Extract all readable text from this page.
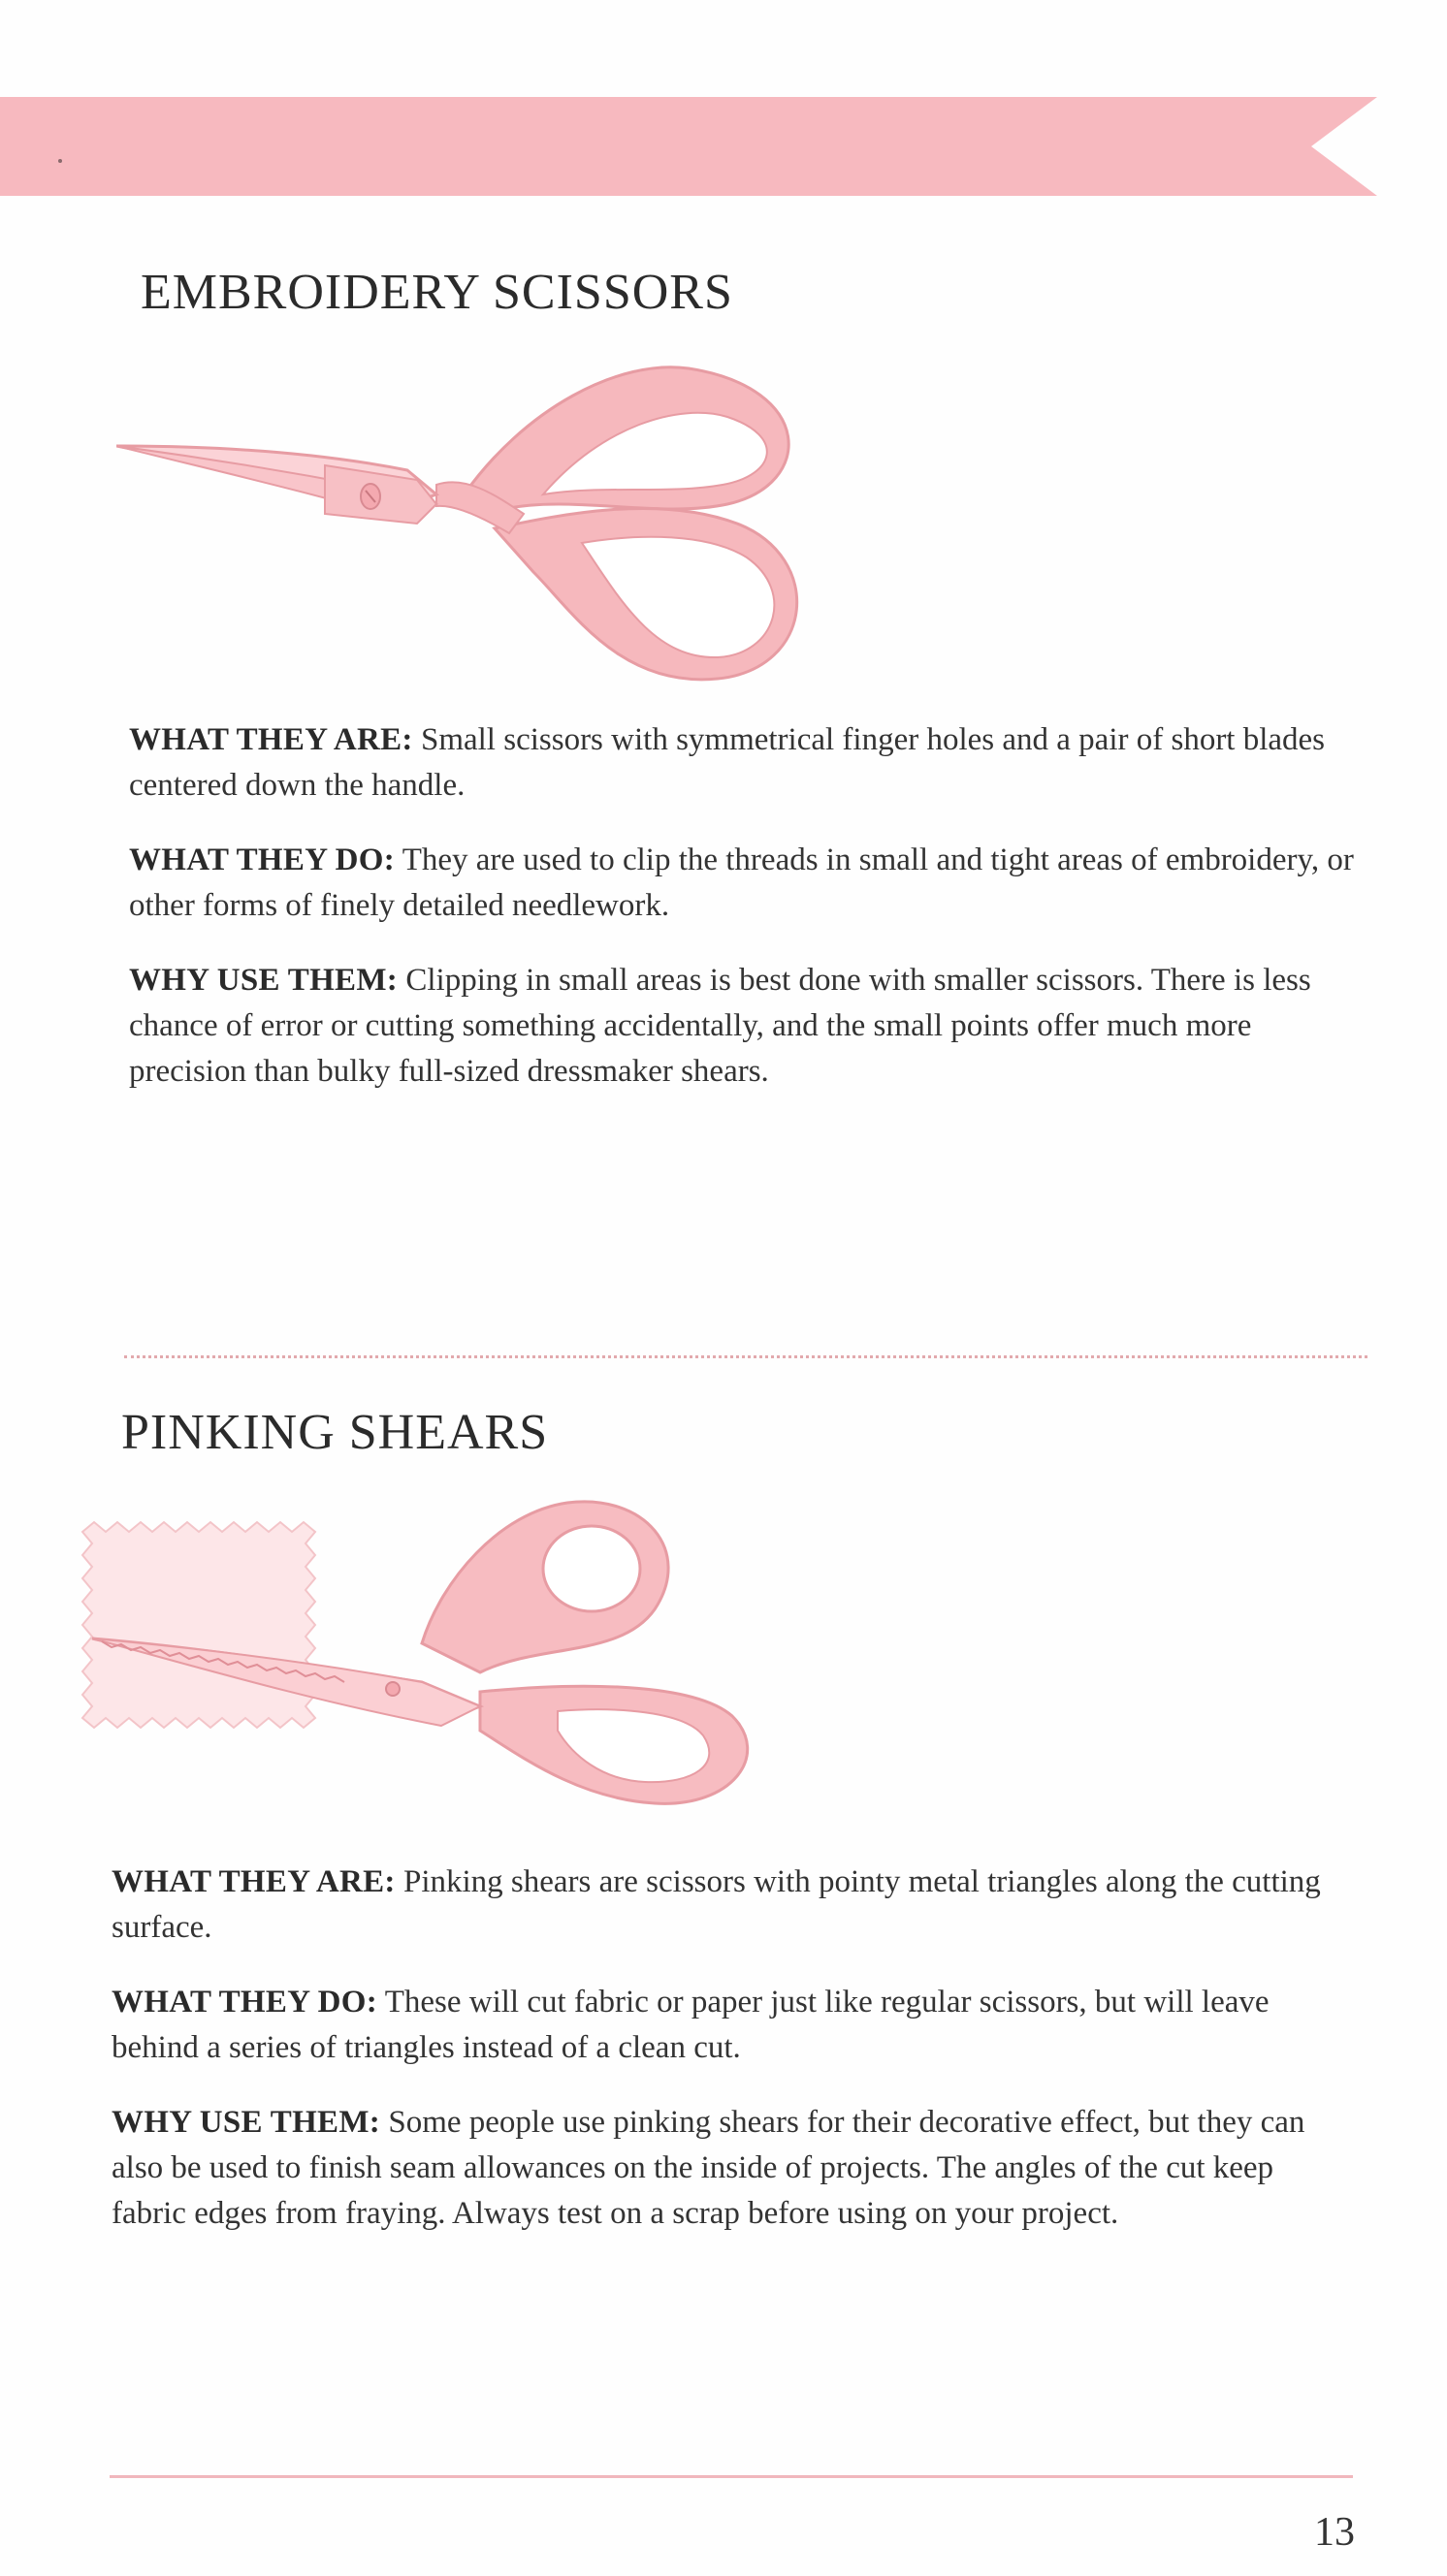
EMBROIDERY SCISSORS

WHAT THEY ARE: Small scissors with symmetrical finger holes and a pair of short blades centered down the handle.

WHAT THEY DO: They are used to clip the threads in small and tight areas of embroidery, or other forms of finely detailed needlework.

WHY USE THEM: Clipping in small areas is best done with smaller scissors. There is less chance of error or cutting something accidentally, and the small points offer much more precision than bulky full-sized dressmaker shears.

PINKING SHEARS

WHAT THEY ARE: Pinking shears are scissors with pointy metal triangles along the cutting surface.

WHAT THEY DO: These will cut fabric or paper just like regular scissors, but will leave behind a series of triangles instead of a clean cut.

WHY USE THEM: Some people use pinking shears for their decorative effect, but they can also be used to finish seam allowances on the inside of projects. The angles of the cut keep fabric edges from fraying. Always test on a scrap before using on your project.

13
